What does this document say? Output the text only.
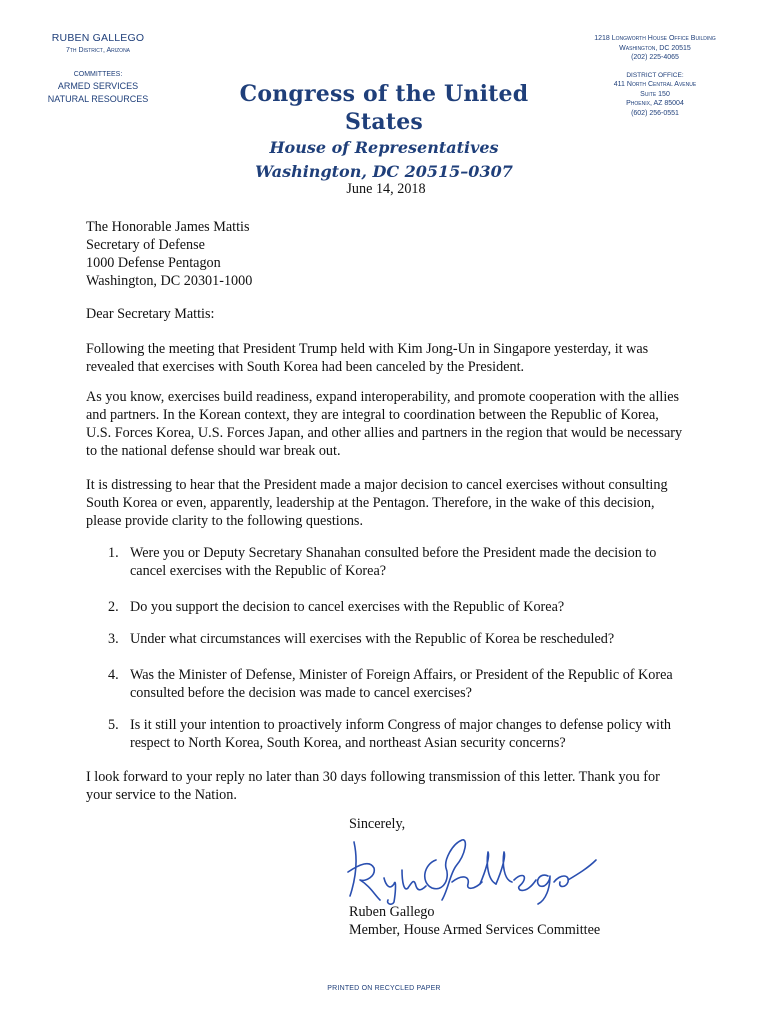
RUBEN GALLEGO
7th District, Arizona
COMMITTEES:
ARMED SERVICES
NATURAL RESOURCES	Congress of the United States
House of Representatives
Washington, DC 20515–0307
1218 Longworth House Office Building
Washington, DC 20515
(202) 225-4065
DISTRICT OFFICE:
411 North Central Avenue
Suite 150
Phoenix, AZ 85004
(602) 256-0551
June 14, 2018
The Honorable James Mattis
Secretary of Defense
1000 Defense Pentagon
Washington, DC 20301-1000
Dear Secretary Mattis:
Following the meeting that President Trump held with Kim Jong-Un in Singapore yesterday, it was revealed that exercises with South Korea had been canceled by the President.
As you know, exercises build readiness, expand interoperability, and promote cooperation with the allies and partners. In the Korean context, they are integral to coordination between the Republic of Korea, U.S. Forces Korea, U.S. Forces Japan, and other allies and partners in the region that would be necessary to the national defense should war break out.
It is distressing to hear that the President made a major decision to cancel exercises without consulting South Korea or even, apparently, leadership at the Pentagon. Therefore, in the wake of this decision, please provide clarity to the following questions.
1. Were you or Deputy Secretary Shanahan consulted before the President made the decision to cancel exercises with the Republic of Korea?
2. Do you support the decision to cancel exercises with the Republic of Korea?
3. Under what circumstances will exercises with the Republic of Korea be rescheduled?
4. Was the Minister of Defense, Minister of Foreign Affairs, or President of the Republic of Korea consulted before the decision was made to cancel exercises?
5. Is it still your intention to proactively inform Congress of major changes to defense policy with respect to North Korea, South Korea, and northeast Asian security concerns?
I look forward to your reply no later than 30 days following transmission of this letter. Thank you for your service to the Nation.
Sincerely,
Ruben Gallego
Member, House Armed Services Committee
PRINTED ON RECYCLED PAPER
